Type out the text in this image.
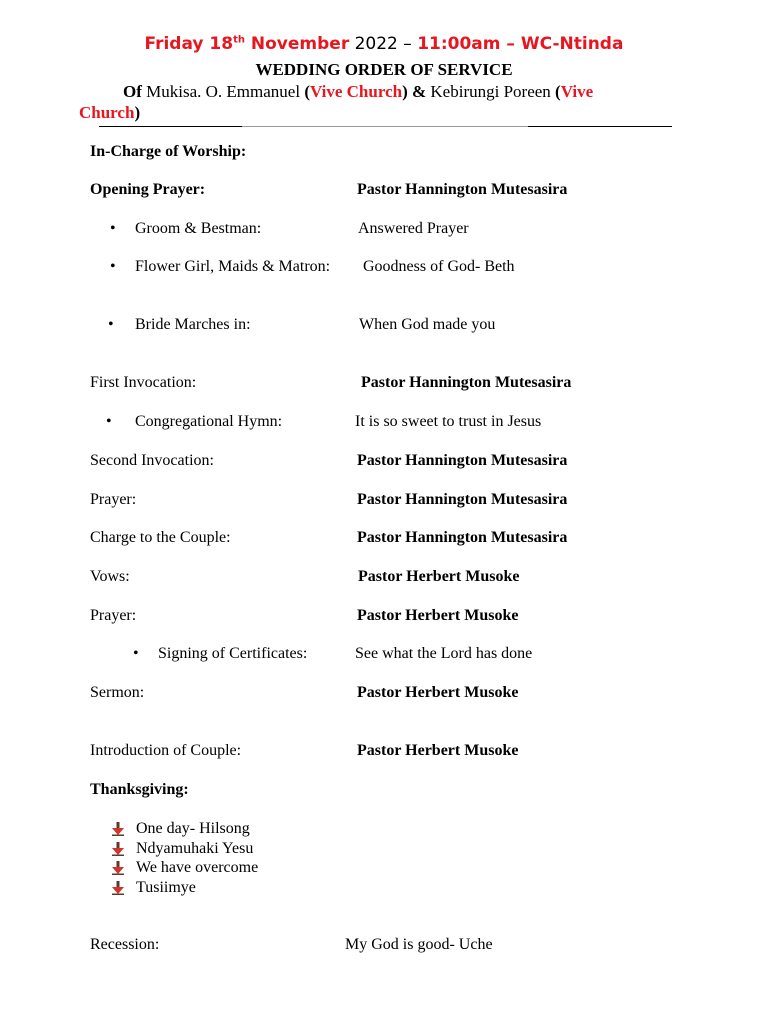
Friday 18th November 2022 – 11:00am – WC-Ntinda
WEDDING ORDER OF SERVICE
Of Mukisa. O. Emmanuel (Vive Church) & Kebirungi Poreen (Vive Church)
In-Charge of Worship:
Opening Prayer:	Pastor Hannington Mutesasira
• Groom & Bestman:	Answered Prayer
• Flower Girl, Maids & Matron: Goodness of God- Beth
• Bride Marches in:	When God made you
First Invocation:	Pastor Hannington Mutesasira
• Congregational Hymn:	It is so sweet to trust in Jesus
Second Invocation:	Pastor Hannington Mutesasira
Prayer:	Pastor Hannington Mutesasira
Charge to the Couple:	Pastor Hannington Mutesasira
Vows:	Pastor Herbert Musoke
Prayer:	Pastor Herbert Musoke
• Signing of Certificates:	See what the Lord has done
Sermon:	Pastor Herbert Musoke
Introduction of Couple:	Pastor Herbert Musoke
Thanksgiving:
One day- Hilsong
Ndyamuhaki Yesu
We have overcome
Tusiimye
Recession:	My God is good- Uche
